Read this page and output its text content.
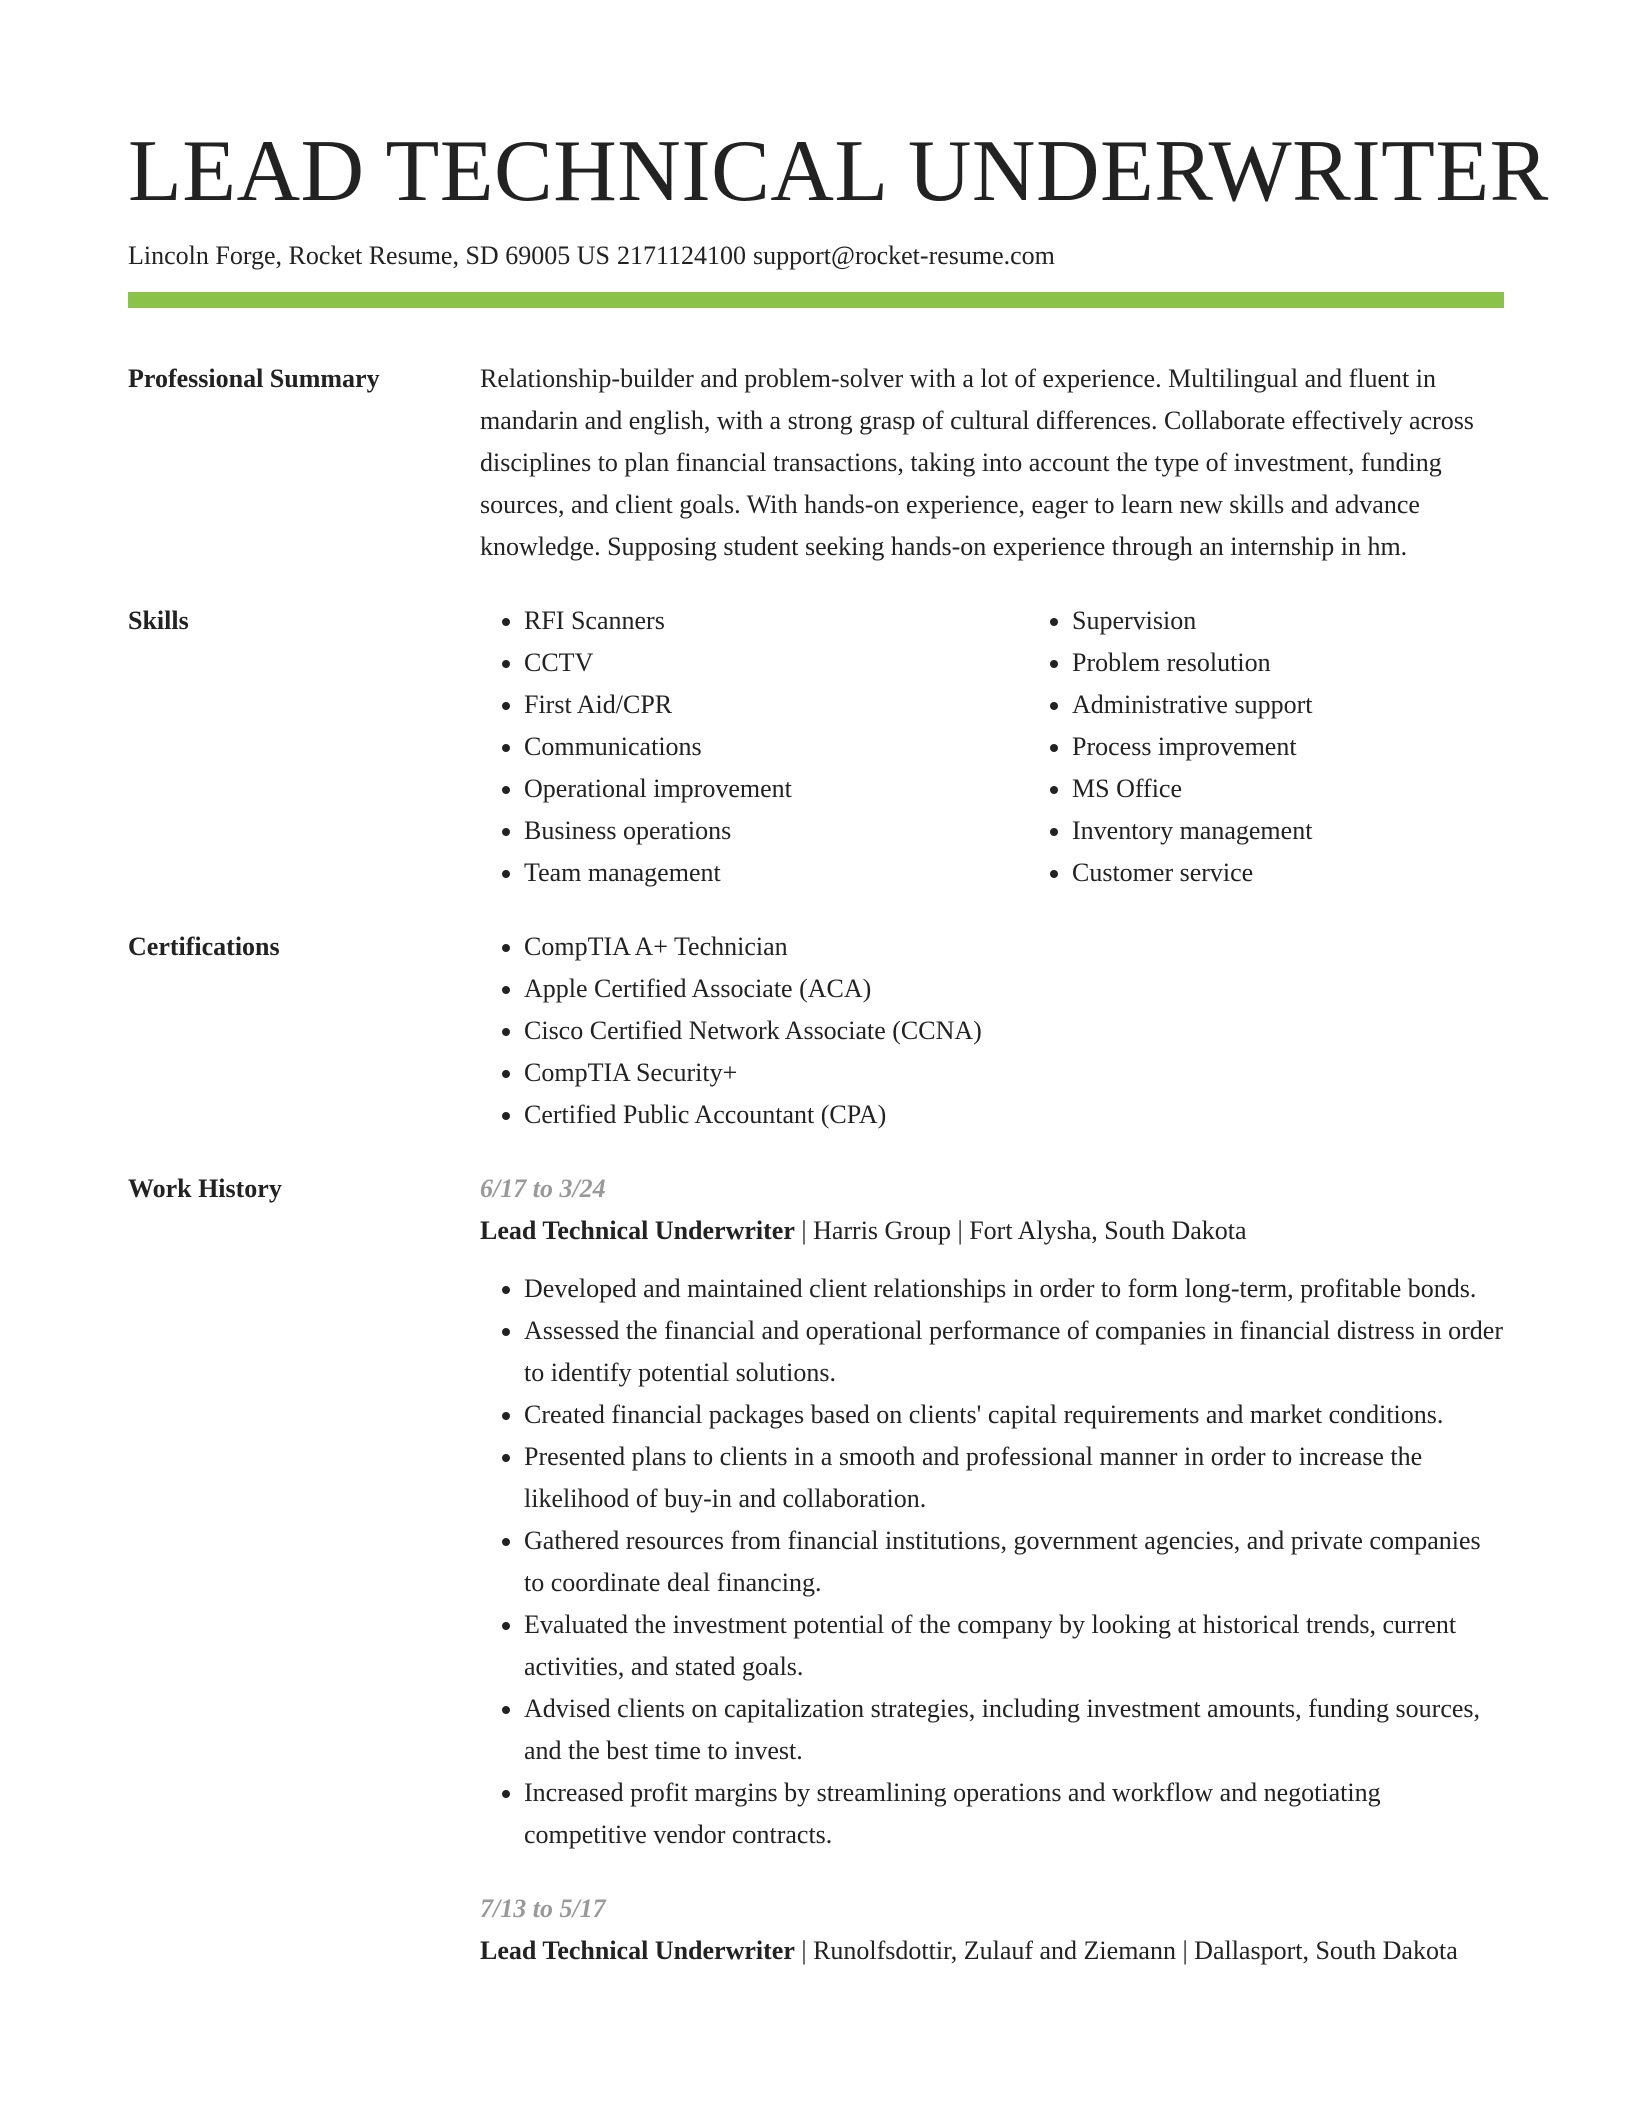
LEAD TECHNICAL UNDERWRITER
Lincoln Forge, Rocket Resume, SD 69005 US 2171124100 support@rocket-resume.com
Professional Summary	Relationship-builder and problem-solver with a lot of experience. Multilingual and fluent in mandarin and english, with a strong grasp of cultural differences. Collaborate effectively across disciplines to plan financial transactions, taking into account the type of investment, funding sources, and client goals. With hands-on experience, eager to learn new skills and advance knowledge. Supposing student seeking hands-on experience through an internship in hm.
Skills	• RFI Scanners
• CCTV
• First Aid/CPR
• Communications
• Operational improvement
• Business operations
• Team management
• Supervision
• Problem resolution
• Administrative support
• Process improvement
• MS Office
• Inventory management
• Customer service
Certifications	• CompTIA A+ Technician
• Apple Certified Associate (ACA)
• Cisco Certified Network Associate (CCNA)
• CompTIA Security+
• Certified Public Accountant (CPA)
Work History	6/17 to 3/24
Lead Technical Underwriter | Harris Group | Fort Alysha, South Dakota
• Developed and maintained client relationships in order to form long-term, profitable bonds.
• Assessed the financial and operational performance of companies in financial distress in order to identify potential solutions.
• Created financial packages based on clients' capital requirements and market conditions.
• Presented plans to clients in a smooth and professional manner in order to increase the likelihood of buy-in and collaboration.
• Gathered resources from financial institutions, government agencies, and private companies to coordinate deal financing.
• Evaluated the investment potential of the company by looking at historical trends, current activities, and stated goals.
• Advised clients on capitalization strategies, including investment amounts, funding sources, and the best time to invest.
• Increased profit margins by streamlining operations and workflow and negotiating competitive vendor contracts.
7/13 to 5/17
Lead Technical Underwriter | Runolfsdottir, Zulauf and Ziemann | Dallasport, South Dakota
